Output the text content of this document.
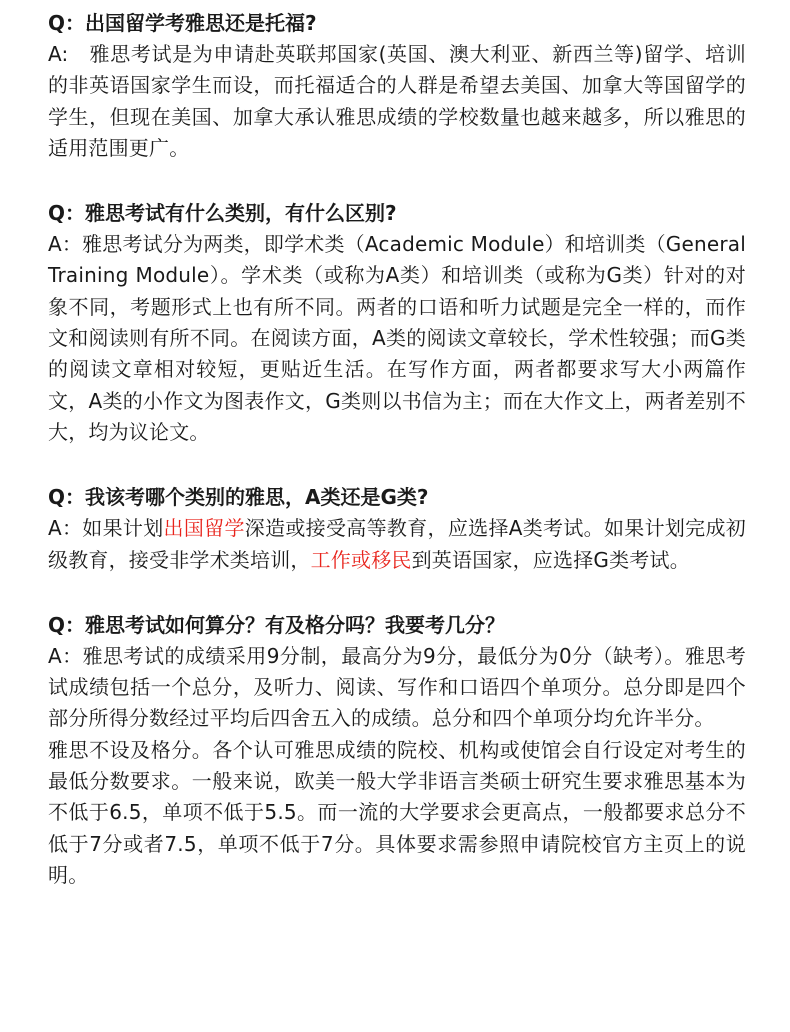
Q：出国留学考雅思还是托福?

A:　雅思考试是为申请赴英联邦国家(英国、澳大利亚、新西兰等)留学、培训的非英语国家学生而设，而托福适合的人群是希望去美国、加拿大等国留学的学生，但现在美国、加拿大承认雅思成绩的学校数量也越来越多，所以雅思的适用范围更广。

Q：雅思考试有什么类别，有什么区别?

A：雅思考试分为两类，即学术类（Academic Module）和培训类（General Training Module）。学术类（或称为A类）和培训类（或称为G类）针对的对象不同，考题形式上也有所不同。两者的口语和听力试题是完全一样的，而作文和阅读则有所不同。在阅读方面，A类的阅读文章较长，学术性较强；而G类的阅读文章相对较短，更贴近生活。在写作方面，两者都要求写大小两篇作文，A类的小作文为图表作文，G类则以书信为主；而在大作文上，两者差别不大，均为议论文。

Q：我该考哪个类别的雅思，A类还是G类?

A：如果计划出国留学深造或接受高等教育，应选择A类考试。如果计划完成初级教育，接受非学术类培训，工作或移民到英语国家，应选择G类考试。

Q：雅思考试如何算分？有及格分吗？我要考几分？

A：雅思考试的成绩采用9分制，最高分为9分，最低分为0分（缺考）。雅思考试成绩包括一个总分，及听力、阅读、写作和口语四个单项分。总分即是四个部分所得分数经过平均后四舍五入的成绩。总分和四个单项分均允许半分。

雅思不设及格分。各个认可雅思成绩的院校、机构或使馆会自行设定对考生的最低分数要求。一般来说，欧美一般大学非语言类硕士研究生要求雅思基本为不低于6.5，单项不低于5.5。而一流的大学要求会更高点，一般都要求总分不低于7分或者7.5，单项不低于7分。具体要求需参照申请院校官方主页上的说明。
